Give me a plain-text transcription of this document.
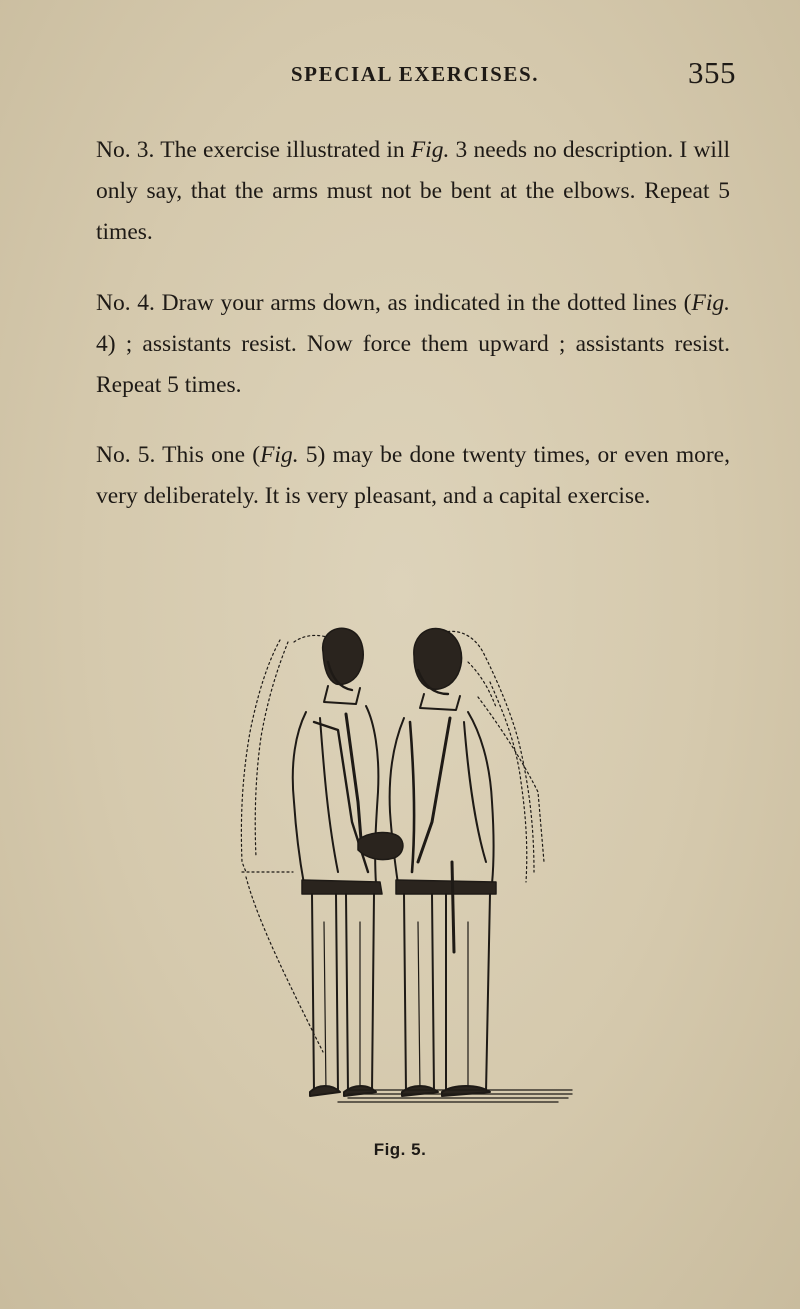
SPECIAL EXERCISES.	355

No. 3. The exercise illustrated in Fig. 3 needs no description. I will only say, that the arms must not be bent at the elbows. Repeat 5 times.

No. 4. Draw your arms down, as indicated in the dotted lines (Fig. 4) ; assistants resist. Now force them upward ; assistants resist. Repeat 5 times.

No. 5. This one (Fig. 5) may be done twenty times, or even more, very deliberately. It is very pleasant, and a capital exercise.

Fig. 5.
